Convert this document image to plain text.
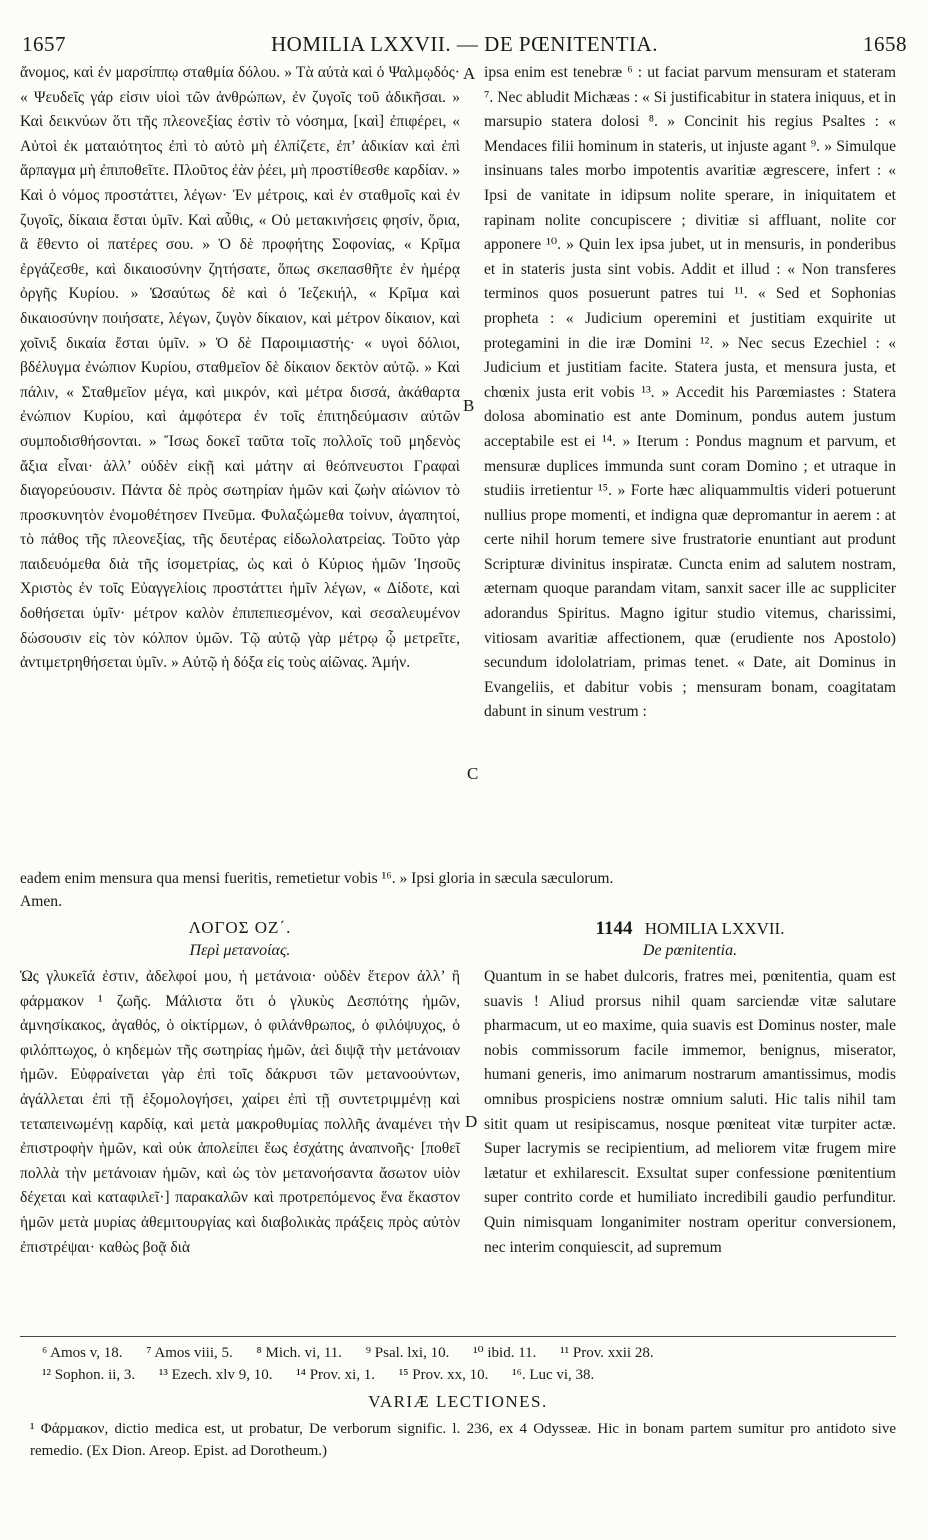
1657	HOMILIA LXXVII. — DE PŒNITENTIA.	1658

ἄνομος, καὶ ἐν μαρσίππῳ σταθμία δόλου. » Τὰ αὐτὰ καὶ ὁ Ψαλμῳδός· « Ψευδεῖς γάρ εἰσιν υἱοὶ τῶν ἀνθρώπων, ἐν ζυγοῖς τοῦ ἀδικῆσαι. » Καὶ δεικνύων ὅτι τῆς πλεονεξίας ἐστὶν τὸ νόσημα, [καὶ] ἐπιφέρει, « Αὐτοὶ ἐκ ματαιότητος ἐπὶ τὸ αὐτὸ μὴ ἐλπίζετε, ἐπ’ ἀδικίαν καὶ ἐπὶ ἅρπαγμα μὴ ἐπιποθεῖτε. Πλοῦτος ἐὰν ῥέει, μὴ προστίθεσθε καρδίαν. » Καὶ ὁ νόμος προστάττει, λέγων· Ἐν μέτροις, καὶ ἐν σταθμοῖς καὶ ἐν ζυγοῖς, δίκαια ἔσται ὑμῖν. Καὶ αὖθις, « Οὐ μετακινήσεις φησίν, ὅρια, ἃ ἔθεντο οἱ πατέρες σου. » Ὁ δὲ προφήτης Σοφονίας, « Κρῖμα ἐργάζεσθε, καὶ δικαιοσύνην ζητήσατε, ὅπως σκεπασθῆτε ἐν ἡμέρᾳ ὀργῆς Κυρίου. » Ὡσαύτως δὲ καὶ ὁ Ἰεζεκιήλ, « Κρῖμα καὶ δικαιοσύνην ποιήσατε, λέγων, ζυγὸν δίκαιον, καὶ μέτρον δίκαιον, καὶ χοῖνιξ δικαία ἔσται ὑμῖν. » Ὁ δὲ Παροιμιαστής· « υγοὶ δόλιοι, βδέλυγμα ἐνώπιον Κυρίου, σταθμεῖον δὲ δίκαιον δεκτὸν αὐτῷ. » Καὶ πάλιν, « Σταθμεῖον μέγα, καὶ μικρόν, καὶ μέτρα δισσά, ἀκάθαρτα ἐνώπιον Κυρίου, καὶ ἀμφότερα ἐν τοῖς ἐπιτηδεύμασιν αὐτῶν συμποδισθήσονται. » Ἴσως δοκεῖ ταῦτα τοῖς πολλοῖς τοῦ μηδενὸς ἄξια εἶναι· ἀλλ’ οὐδὲν εἰκῇ καὶ μάτην αἱ θεόπνευστοι Γραφαὶ διαγορεύουσιν. Πάντα δὲ πρὸς σωτηρίαν ἡμῶν καὶ ζωὴν αἰώνιον τὸ προσκυνητὸν ἐνομοθέτησεν Πνεῦμα. Φυλαξώμεθα τοίνυν, ἀγαπητοί, τὸ πάθος τῆς πλεονεξίας, τῆς δευτέρας εἰδωλολατρείας. Τοῦτο γὰρ παιδευόμεθα διὰ τῆς ἰσομετρίας, ὡς καὶ ὁ Κύριος ἡμῶν Ἰησοῦς Χριστὸς ἐν τοῖς Εὐαγγελίοις προστάττει ἡμῖν λέγων, « Δίδοτε, καὶ δοθήσεται ὑμῖν· μέτρον καλὸν ἐπιπεπιεσμένον, καὶ σεσαλευμένον δώσουσιν εἰς τὸν κόλπον ὑμῶν. Τῷ αὐτῷ γὰρ μέτρῳ ᾧ μετρεῖτε, ἀντιμετρηθήσεται ὑμῖν. » Αὐτῷ ἡ δόξα εἰς τοὺς αἰῶνας. Ἀμήν.

ipsa enim est tenebræ ⁶ : ut faciat parvum mensuram et stateram ⁷. Nec abludit Michæas : « Si justificabitur in statera iniquus, et in marsupio statera dolosi ⁸. » Concinit his regius Psaltes : « Mendaces filii hominum in stateris, ut injuste agant ⁹. » Simulque insinuans tales morbo impotentis avaritiæ ægrescere, infert : « Ipsi de vanitate in idipsum nolite sperare, in iniquitatem et rapinam nolite concupiscere ; divitiæ si affluant, nolite cor apponere ¹⁰. » Quin lex ipsa jubet, ut in mensuris, in ponderibus et in stateris justa sint vobis. Addit et illud : « Non transferes terminos quos posuerunt patres tui ¹¹. « Sed et Sophonias propheta : « Judicium operemini et justitiam exquirite ut protegamini in die iræ Domini ¹². » Nec secus Ezechiel : « Judicium et justitiam facite. Statera justa, et mensura justa, et chœnix justa erit vobis ¹³. » Accedit his Parœmiastes : Statera dolosa abominatio est ante Dominum, pondus autem justum acceptabile est ei ¹⁴. » Iterum : Pondus magnum et parvum, et mensuræ duplices immunda sunt coram Domino ; et utraque in studiis irretientur ¹⁵. » Forte hæc aliquammultis videri potuerunt nullius prope momenti, et indigna quæ depromantur in aerem : at certe nihil horum temere sive frustratorie enuntiant aut produnt Scripturæ divinitus inspiratæ. Cuncta enim ad salutem nostram, æternam quoque parandam vitam, sanxit sacer ille ac suppliciter adorandus Spiritus. Magno igitur studio vitemus, charissimi, vitiosam avaritiæ affectionem, quæ (erudiente nos Apostolo) secundum idololatriam, primas tenet. « Date, ait Dominus in Evangeliis, et dabitur vobis ; mensuram bonam, coagitatam dabunt in sinum vestrum :

A
B
C
D
eadem enim mensura qua mensi fueritis, remetietur vobis ¹⁶. » Ipsi gloria in sæcula sæculorum.
Amen.
ΛΟΓΟΣ ΟΖ΄.
Περὶ μετανοίας.
1144 HOMILIA LXXVII.
De pœnitentia.

Ὡς γλυκεῖά ἐστιν, ἀδελφοί μου, ἡ μετάνοια· οὐδὲν ἕτερον ἀλλ’ ἢ φάρμακον ¹ ζωῆς. Μάλιστα ὅτι ὁ γλυκὺς Δεσπότης ἡμῶν, ἀμνησίκακος, ἀγαθός, ὁ οἰκτίρμων, ὁ φιλάνθρωπος, ὁ φιλόψυχος, ὁ φιλόπτωχος, ὁ κηδεμὼν τῆς σωτηρίας ἡμῶν, ἀεὶ διψᾷ τὴν μετάνοιαν ἡμῶν. Εὐφραίνεται γὰρ ἐπὶ τοῖς δάκρυσι τῶν μετανοούντων, ἀγάλλεται ἐπὶ τῇ ἐξομολογήσει, χαίρει ἐπὶ τῇ συντετριμμένῃ καὶ τεταπεινωμένῃ καρδίᾳ, καὶ μετὰ μακροθυμίας πολλῆς ἀναμένει τὴν ἐπιστροφὴν ἡμῶν, καὶ οὐκ ἀπολείπει ἕως ἐσχάτης ἀναπνοῆς· [ποθεῖ πολλὰ τὴν μετάνοιαν ἡμῶν, καὶ ὡς τὸν μετανοήσαντα ἄσωτον υἱὸν δέχεται καὶ καταφιλεῖ·] παρακαλῶν καὶ προτρεπόμενος ἕνα ἕκαστον ἡμῶν μετὰ μυρίας ἀθεμιτουργίας καὶ διαβολικὰς πράξεις πρὸς αὐτὸν ἐπιστρέψαι· καθὼς βοᾷ διὰ

Quantum in se habet dulcoris, fratres mei, pœnitentia, quam est suavis ! Aliud prorsus nihil quam sarciendæ vitæ salutare pharmacum, ut eo maxime, quia suavis est Dominus noster, male nobis commissorum facile immemor, benignus, miserator, humani generis, imo animarum nostrarum amantissimus, modis omnibus prospiciens nostræ omnium saluti. Hic talis nihil tam sitit quam ut resipiscamus, nosque pœniteat vitæ turpiter actæ. Super lacrymis se recipientium, ad meliorem vitæ frugem mire lætatur et exhilarescit. Exsultat super confessione pœnitentium super contrito corde et humiliato incredibili gaudio perfunditur. Quin nimisquam longanimiter nostram operitur conversionem, nec interim conquiescit, ad supremum

⁶ Amos v, 18. ⁷ Amos viii, 5. ⁸ Mich. vi, 11. ⁹ Psal. lxi, 10. ¹⁰ ibid. 11. ¹¹ Prov. xxii 28.
¹² Sophon. ii, 3. ¹³ Ezech. xlv 9, 10. ¹⁴ Prov. xi, 1. ¹⁵ Prov. xx, 10. ¹⁶. Luc vi, 38.
VARIÆ LECTIONES.
¹ Φάρμακον, dictio medica est, ut probatur, De verborum signific. l. 236, ex 4 Odysseæ. Hic in bonam partem sumitur pro antidoto sive remedio. (Ex Dion. Areop. Epist. ad Dorotheum.)
